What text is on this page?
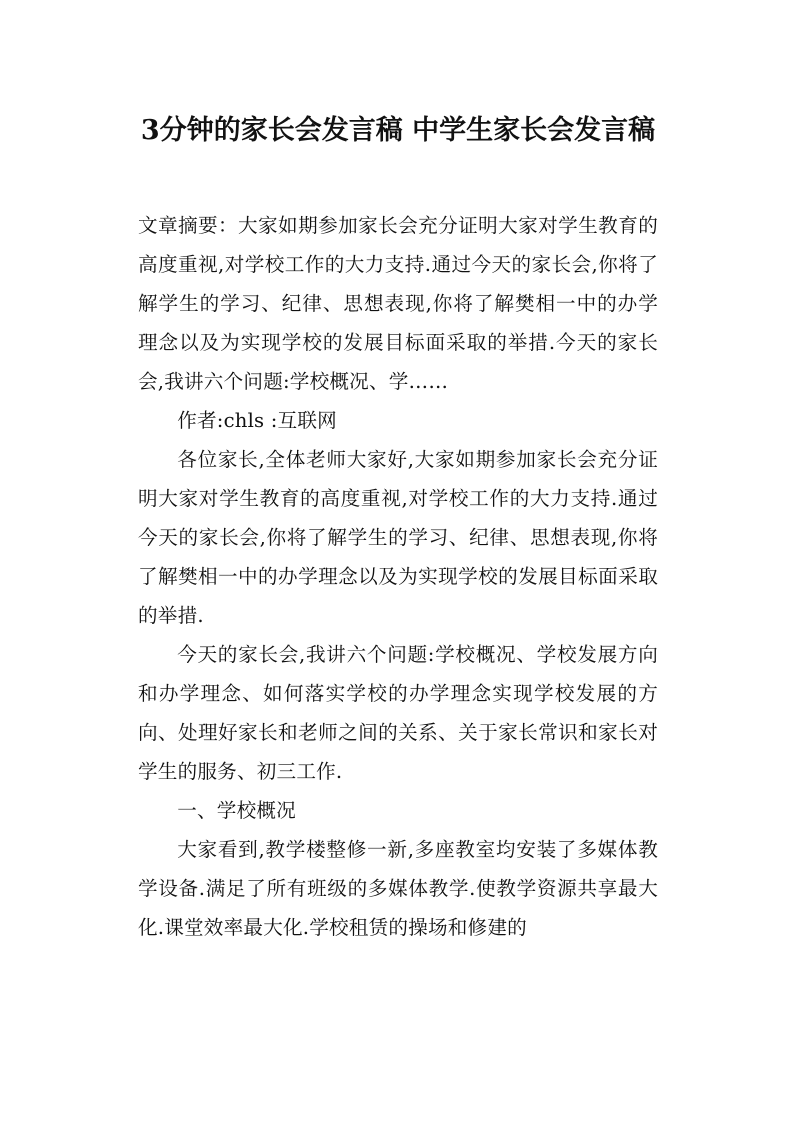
3分钟的家长会发言稿 中学生家长会发言稿

文章摘要：大家如期参加家长会充分证明大家对学生教育的高度重视,对学校工作的大力支持.通过今天的家长会,你将了解学生的学习、纪律、思想表现,你将了解樊相一中的办学理念以及为实现学校的发展目标面采取的举措.今天的家长会,我讲六个问题:学校概况、学……

作者:chls :互联网

各位家长,全体老师大家好,大家如期参加家长会充分证明大家对学生教育的高度重视,对学校工作的大力支持.通过今天的家长会,你将了解学生的学习、纪律、思想表现,你将了解樊相一中的办学理念以及为实现学校的发展目标面采取的举措.

今天的家长会,我讲六个问题:学校概况、学校发展方向和办学理念、如何落实学校的办学理念实现学校发展的方向、处理好家长和老师之间的关系、关于家长常识和家长对学生的服务、初三工作.

一、学校概况

大家看到,教学楼整修一新,多座教室均安装了多媒体教学设备.满足了所有班级的多媒体教学.使教学资源共享最大化.课堂效率最大化.学校租赁的操场和修建的
